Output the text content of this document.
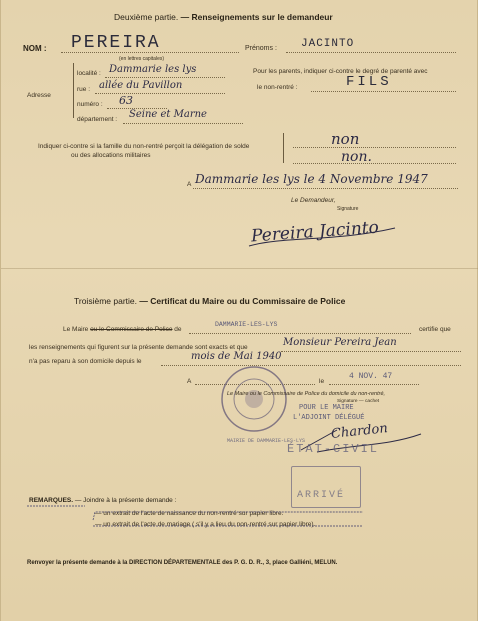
Deuxième partie. — Renseignements sur le demandeur
NOM : PEREIRA
(en lettres capitales)
Prénoms : JACINTO
Adresse
localité : Dammarie les lys
rue : allée du Pavillon
numéro : 63
département : Seine et Marne
Pour les parents, indiquer ci-contre le degré de parenté avec
le non-rentré :	FILS
Indiquer ci-contre si la famille du non-rentré perçoit la délégation de solde
ou des allocations militaires
non
non.
A Dammarie les lys le 4 Novembre 1947
Le Demandeur,
Signature
Pereira Jacinto
Troisième partie. — Certificat du Maire ou du Commissaire de Police
Le Maire ou le Commissaire de Police de
DAMMARIE-LES-LYS
certifie que
les renseignements qui figurent sur la présente demande sont exacts et que	Monsieur Pereira Jean
n'a pas reparu à son domicile depuis le	mois de Mai 1940
A	le
4 NOV. 47
MAIRIE DE DAMMARIE-LES-LYS
Le Maire ou le Commissaire de Police du domicile du non-rentré,
Signature — cachet
POUR LE MAIRE
L'ADJOINT DÉLÉGUÉ
Chardon
ÉTAT-CIVIL
ARRIVÉ
REMARQUES. — Joindre à la présente demande :
— un extrait de l'acte de naissance du non-rentré sur papier libre.
— un extrait de l'acte de mariage ( s'il y a lieu du non-rentré sur papier libre).
Renvoyer la présente demande à la DIRECTION DÉPARTEMENTALE des P. G. D. R., 3, place Galliéni, MELUN.
